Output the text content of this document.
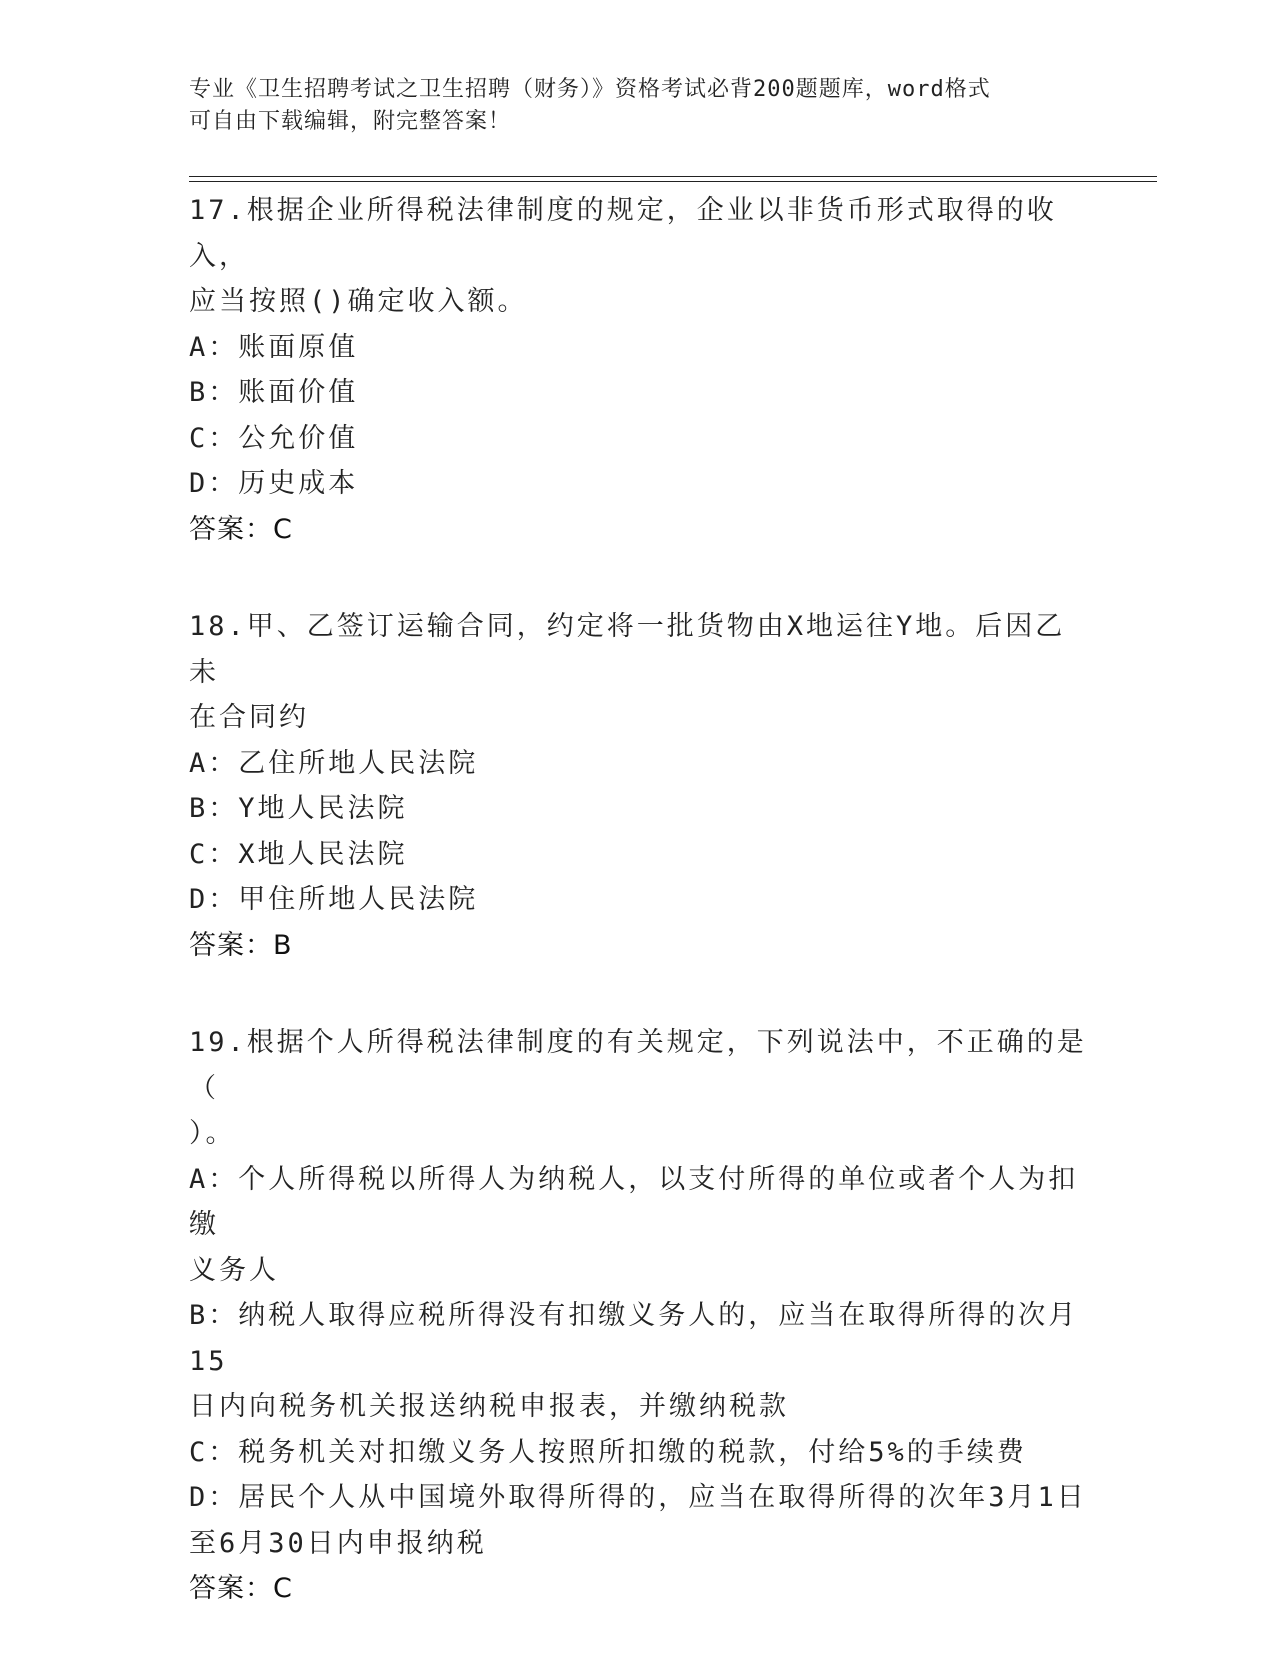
专业《卫生招聘考试之卫生招聘（财务）》资格考试必背200题题库，word格式
可自由下载编辑，附完整答案！

17.根据企业所得税法律制度的规定，企业以非货币形式取得的收入，

应当按照()确定收入额。

A：账面原值

B：账面价值

C：公允价值

D：历史成本

答案：C

18.甲、乙签订运输合同，约定将一批货物由X地运往Y地。后因乙未

在合同约

A：乙住所地人民法院

B：Y地人民法院

C：X地人民法院

D：甲住所地人民法院

答案：B

19.根据个人所得税法律制度的有关规定，下列说法中，不正确的是（

）。

A：个人所得税以所得人为纳税人，以支付所得的单位或者个人为扣缴

义务人

B：纳税人取得应税所得没有扣缴义务人的，应当在取得所得的次月15

日内向税务机关报送纳税申报表，并缴纳税款

C：税务机关对扣缴义务人按照所扣缴的税款，付给5%的手续费

D：居民个人从中国境外取得所得的，应当在取得所得的次年3月1日

至6月30日内申报纳税

答案：C
